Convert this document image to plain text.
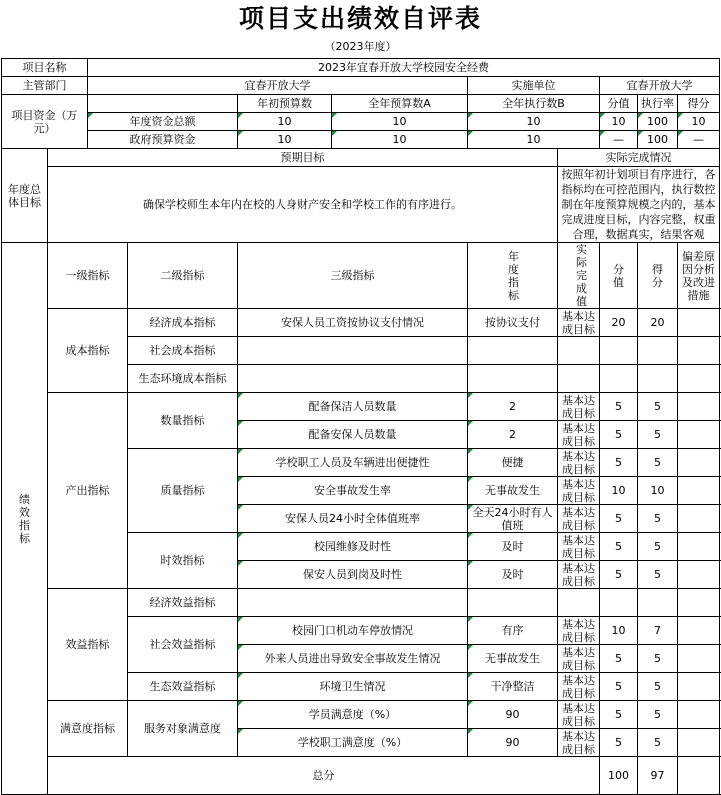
项目支出绩效自评表
（2023年度）
项目名称		2023年宜春开放大学校园安全经费								
主管部门		宜春开放大学				实施单位		宜春开放大学		
项目资金（万元）				年初预算数	全年预算数A	全年执行数B		分值	执行率	得分
		年度资金总额		10	10	10		10	100	10
		政府预算资金		10	10	10		—	100	—
年度总体目标	预期目标						实际完成情况			
	确保学校师生本年内在校的人身财产安全和学校工作的有序进行。						按照年初计划项目有序进行，各指标均在可控范围内，执行数控制在年度预算规模之内的，基本完成进度目标，内容完整，权重合理，数据真实，结果客观			
绩效指标	一级指标		二级指标	三级指标		年度指标	实际完成值	分值	得分	偏差原因分析及改进措施
	成本指标		经济成本指标	安保人员工资按协议支付情况		按协议支付	基本达成目标	20	20	
			社会成本指标							
			生态环境成本指标							
	产出指标		数量指标	配备保洁人员数量		2	基本达成目标	5	5	
				配备安保人员数量		2	基本达成目标	5	5	
			质量指标	学校职工人员及车辆进出便捷性		便捷	基本达成目标	5	5	
				安全事故发生率		无事故发生	基本达成目标	10	10	
				安保人员24小时全体值班率		全天24小时有人值班	基本达成目标	5	5	
			时效指标	校园维修及时性		及时	基本达成目标	5	5	
				保安人员到岗及时性		及时	基本达成目标	5	5	
	效益指标		经济效益指标							
			社会效益指标	校园门口机动车停放情况		有序	基本达成目标	10	7	
				外来人员进出导致安全事故发生情况		无事故发生	基本达成目标	5	5	
			生态效益指标	环境卫生情况		干净整洁	基本达成目标	5	5	
	满意度指标		服务对象满意度	学员满意度（%）		90	基本达成目标	5	5	
				学校职工满意度（%）		90	基本达成目标	5	5	
	总分							100	97	
